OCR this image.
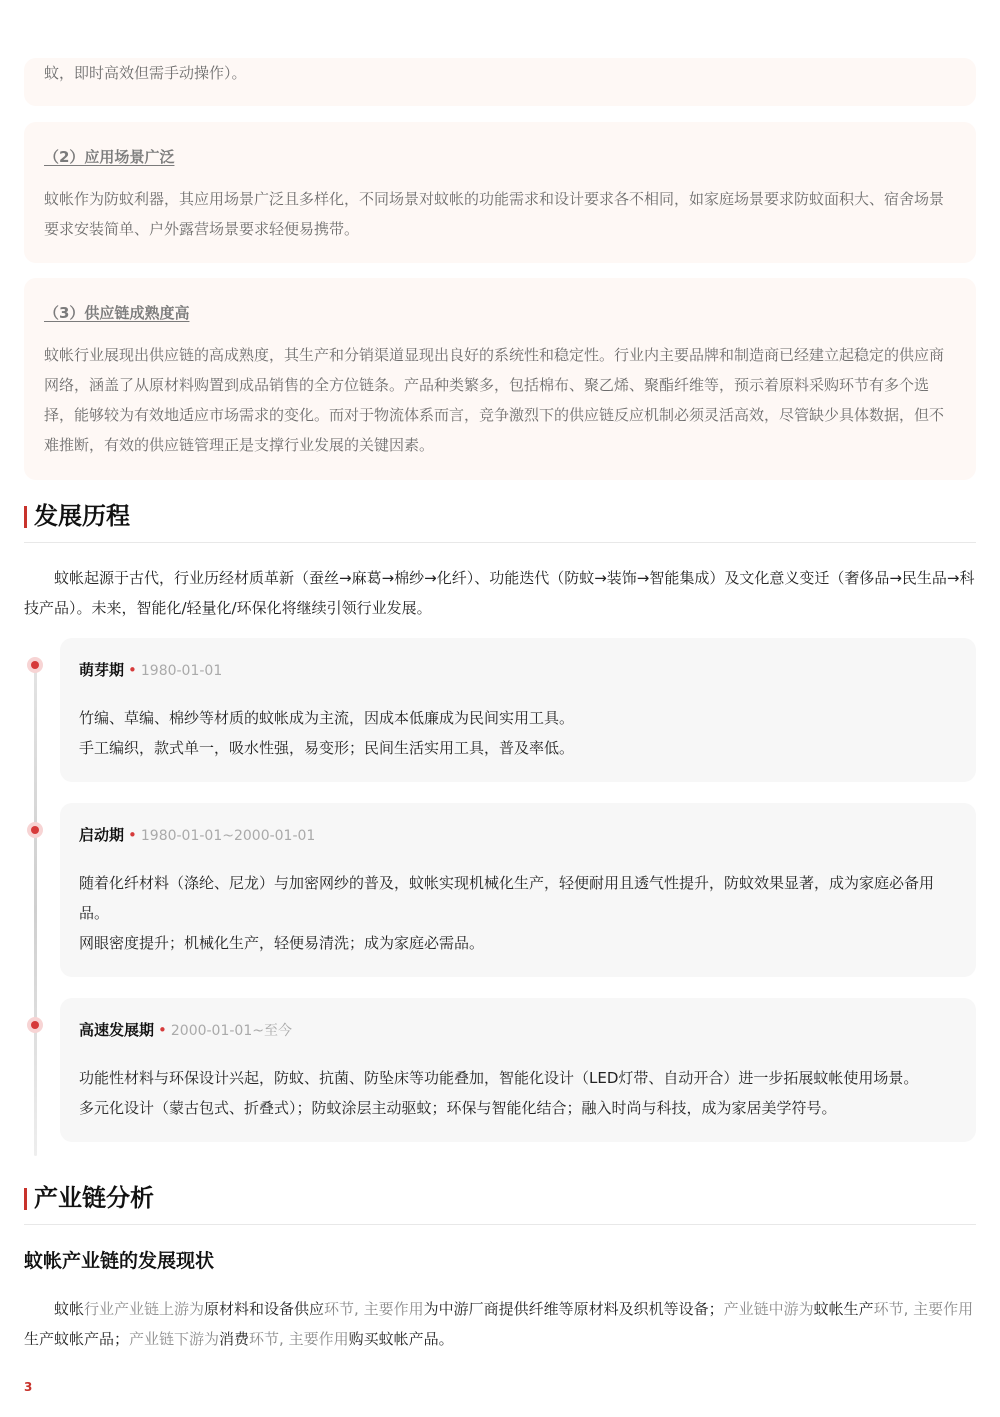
蚊，即时高效但需手动操作）。

（2）应用场景广泛

蚊帐作为防蚊利器，其应用场景广泛且多样化，不同场景对蚊帐的功能需求和设计要求各不相同，如家庭场景要求防蚊面积大、宿舍场景要求安装简单、户外露营场景要求轻便易携带。

（3）供应链成熟度高

蚊帐行业展现出供应链的高成熟度，其生产和分销渠道显现出良好的系统性和稳定性。行业内主要品牌和制造商已经建立起稳定的供应商网络，涵盖了从原材料购置到成品销售的全方位链条。产品种类繁多，包括棉布、聚乙烯、聚酯纤维等，预示着原料采购环节有多个选择，能够较为有效地适应市场需求的变化。而对于物流体系而言，竞争激烈下的供应链反应机制必须灵活高效，尽管缺少具体数据，但不难推断，有效的供应链管理正是支撑行业发展的关键因素。

发展历程

蚊帐起源于古代，行业历经材质革新（蚕丝→麻葛→棉纱→化纤）、功能迭代（防蚊→装饰→智能集成）及文化意义变迁（奢侈品→民生品→科技产品）。未来，智能化/轻量化/环保化将继续引领行业发展。

萌芽期 • 1980-01-01

竹编、草编、棉纱等材质的蚊帐成为主流，因成本低廉成为民间实用工具。

手工编织，款式单一，吸水性强，易变形；民间生活实用工具，普及率低。

启动期 • 1980-01-01~2000-01-01

随着化纤材料（涤纶、尼龙）与加密网纱的普及，蚊帐实现机械化生产，轻便耐用且透气性提升，防蚊效果显著，成为家庭必备用品。

网眼密度提升；机械化生产，轻便易清洗；成为家庭必需品。

高速发展期 • 2000-01-01~至今

功能性材料与环保设计兴起，防蚊、抗菌、防坠床等功能叠加，智能化设计（LED灯带、自动开合）进一步拓展蚊帐使用场景。

多元化设计（蒙古包式、折叠式）；防蚊涂层主动驱蚊；环保与智能化结合；融入时尚与科技，成为家居美学符号。

产业链分析
蚊帐产业链的发展现状

蚊帐行业产业链上游为原材料和设备供应环节, 主要作用为中游厂商提供纤维等原材料及织机等设备；产业链中游为蚊帐生产环节, 主要作用生产蚊帐产品；产业链下游为消费环节, 主要作用购买蚊帐产品。

3
